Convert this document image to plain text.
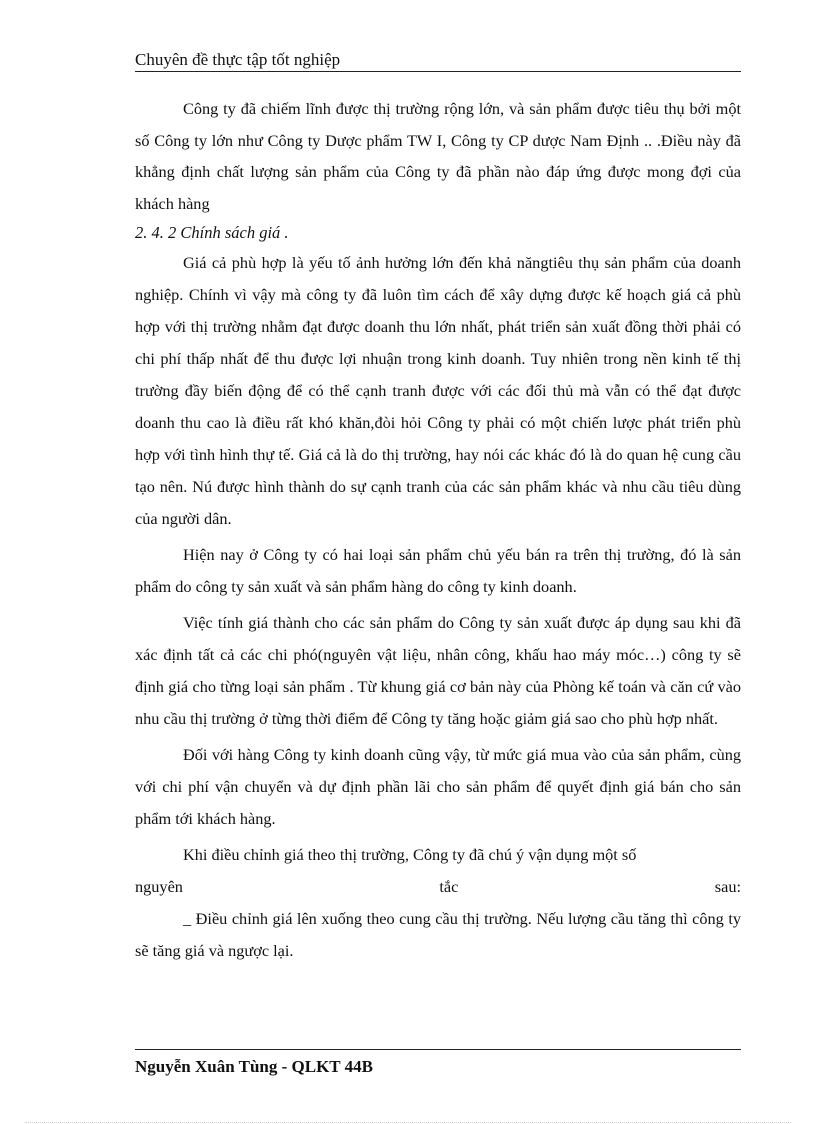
Chuyên đề thực tập tốt nghiệp

Công ty đã chiếm lĩnh được thị trường rộng lớn, và sản phẩm được tiêu thụ bởi một số Công ty lớn như Công ty Dược phẩm TW I, Công ty CP dược Nam Định .. .Điều này đã khẳng định chất lượng sản phẩm của Công ty đã phần nào đáp ứng được mong đợi của khách hàng

2. 4. 2 Chính sách giá .

Giá cả phù hợp là yếu tố ảnh hưởng lớn đến khả năngtiêu thụ sản phẩm của doanh nghiệp. Chính vì vậy mà công ty đã luôn tìm cách để xây dựng được kế hoạch giá cả phù hợp với thị trường nhằm đạt được doanh thu lớn nhất, phát triển sản xuất đồng thời phải có chi phí thấp nhất để thu được lợi nhuận trong kinh doanh. Tuy nhiên trong nền kinh tế thị trường đầy biến động để có thể cạnh tranh được với các đối thủ mà vẫn có thể đạt được doanh thu cao là điều rất khó khăn,đòi hỏi Công ty phải có một chiến lược phát triển phù hợp với tình hình thự tế. Giá cả là do thị trường, hay nói các khác đó là do quan hệ cung cầu tạo nên. Nú được hình thành do sự cạnh tranh của các sản phẩm khác và nhu cầu tiêu dùng của người dân.

Hiện nay ở Công ty có hai loại sản phẩm chủ yếu bán ra trên thị trường, đó là sản phẩm do công ty sản xuất và sản phẩm hàng do công ty kinh doanh.

Việc tính giá thành cho các sản phẩm do Công ty sản xuất được áp dụng sau khi đã xác định tất cả các chi phó(nguyên vật liệu, nhân công, khấu hao máy móc…) công ty sẽ định giá cho từng loại sản phẩm . Từ khung giá cơ bản này của Phòng kế toán và căn cứ vào nhu cầu thị trường ở từng thời điểm để Công ty tăng hoặc giảm giá sao cho phù hợp nhất.

Đối với hàng Công ty kinh doanh cũng vậy, từ mức giá mua vào của sản phẩm, cùng với chi phí vận chuyển và dự định phần lãi cho sản phẩm để quyết định giá bán cho sản phẩm tới khách hàng.

Khi điều chỉnh giá theo thị trường, Công ty đã chú ý vận dụng một số

nguyên tắc sau:

_ Điều chỉnh giá lên xuống theo cung cầu thị trường. Nếu lượng cầu tăng thì công ty sẽ tăng giá và ngược lại.

Nguyễn Xuân Tùng - QLKT 44B
